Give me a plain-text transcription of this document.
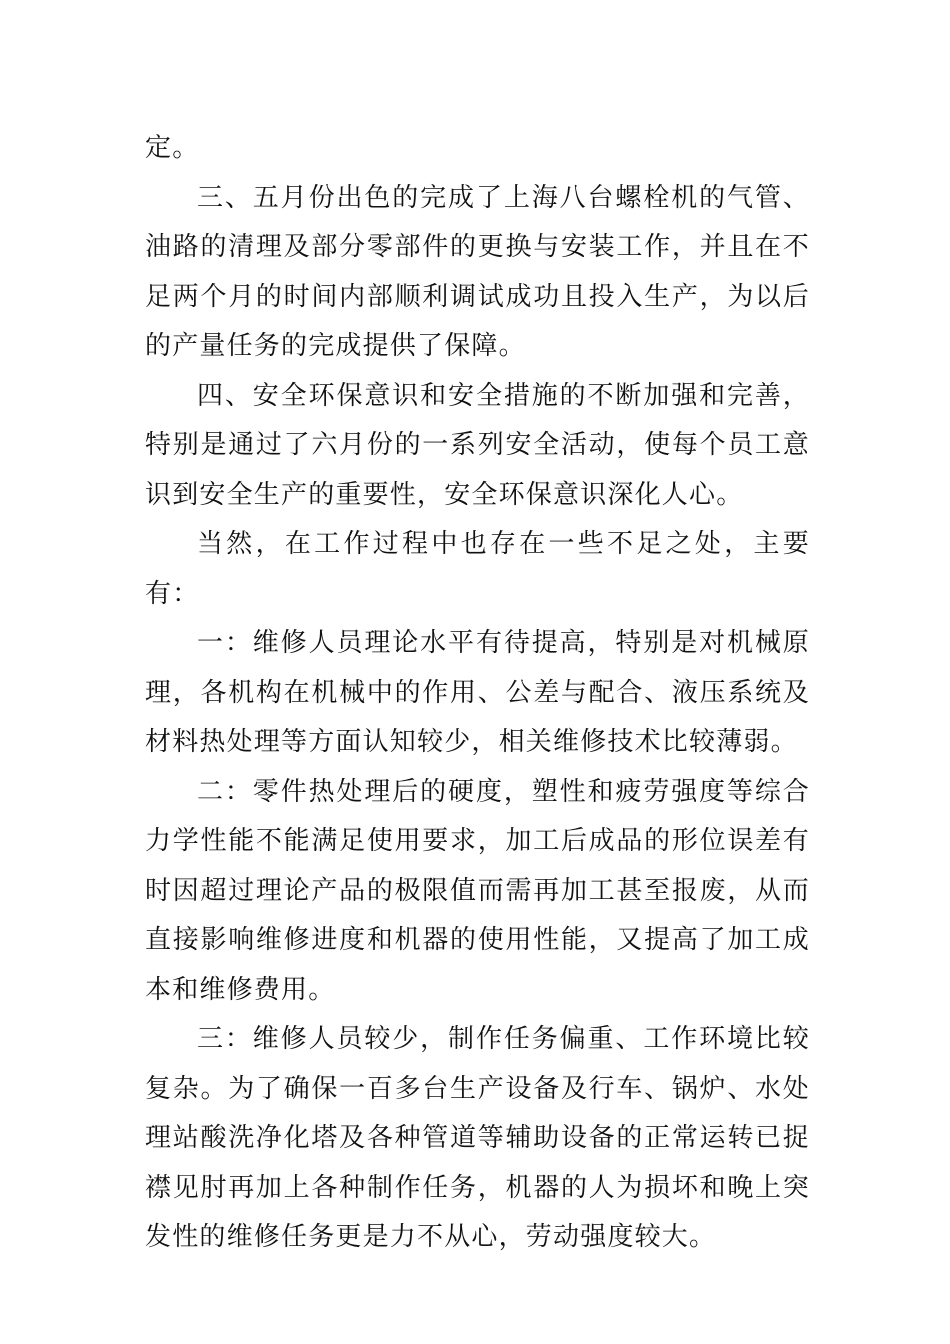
定。

三、五月份出色的完成了上海八台螺栓机的气管、油路的清理及部分零部件的更换与安装工作，并且在不足两个月的时间内部顺利调试成功且投入生产，为以后的产量任务的完成提供了保障。

四、安全环保意识和安全措施的不断加强和完善，特别是通过了六月份的一系列安全活动，使每个员工意识到安全生产的重要性，安全环保意识深化人心。

当然，在工作过程中也存在一些不足之处，主要有：

一：维修人员理论水平有待提高，特别是对机械原理，各机构在机械中的作用、公差与配合、液压系统及材料热处理等方面认知较少，相关维修技术比较薄弱。

二：零件热处理后的硬度，塑性和疲劳强度等综合力学性能不能满足使用要求，加工后成品的形位误差有时因超过理论产品的极限值而需再加工甚至报废，从而直接影响维修进度和机器的使用性能，又提高了加工成本和维修费用。

三：维修人员较少，制作任务偏重、工作环境比较复杂。为了确保一百多台生产设备及行车、锅炉、水处理站酸洗净化塔及各种管道等辅助设备的正常运转已捉襟见肘再加上各种制作任务，机器的人为损坏和晚上突发性的维修任务更是力不从心，劳动强度较大。
